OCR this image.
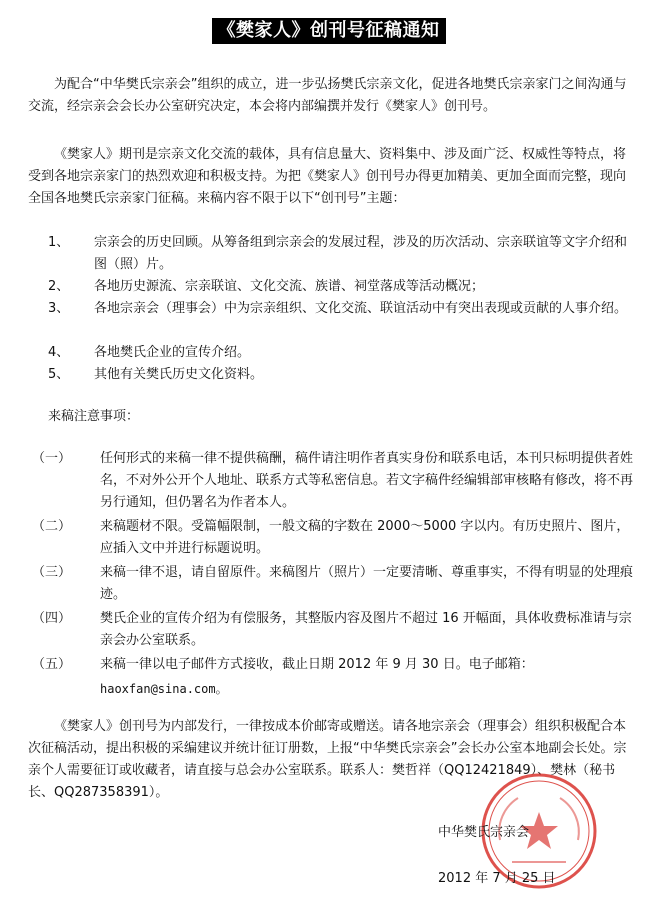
《樊家人》创刊号征稿通知

为配合“中华樊氏宗亲会”组织的成立，进一步弘扬樊氏宗亲文化，促进各地樊氏宗亲家门之间沟通与交流，经宗亲会会长办公室研究决定，本会将内部编撰并发行《樊家人》创刊号。

《樊家人》期刊是宗亲文化交流的载体，具有信息量大、资料集中、涉及面广泛、权威性等特点，将受到各地宗亲家门的热烈欢迎和积极支持。为把《樊家人》创刊号办得更加精美、更加全面而完整，现向全国各地樊氏宗亲家门征稿。来稿内容不限于以下“创刊号”主题：

1、 宗亲会的历史回顾。从筹备组到宗亲会的发展过程，涉及的历次活动、宗亲联谊等文字介绍和图（照）片。
2、 各地历史源流、宗亲联谊、文化交流、族谱、祠堂落成等活动概况；
3、 各地宗亲会（理事会）中为宗亲组织、文化交流、联谊活动中有突出表现或贡献的人事介绍。
4、 各地樊氏企业的宣传介绍。
5、 其他有关樊氏历史文化资料。
来稿注意事项：
（一） 任何形式的来稿一律不提供稿酬，稿件请注明作者真实身份和联系电话，本刊只标明提供者姓名，不对外公开个人地址、联系方式等私密信息。若文字稿件经编辑部审核略有修改，将不再另行通知，但仍署名为作者本人。
（二） 来稿题材不限。受篇幅限制，一般文稿的字数在 2000～5000 字以内。有历史照片、图片，应插入文中并进行标题说明。
（三） 来稿一律不退，请自留原件。来稿图片（照片）一定要清晰、尊重事实，不得有明显的处理痕迹。
（四） 樊氏企业的宣传介绍为有偿服务，其整版内容及图片不超过 16 开幅面，具体收费标准请与宗亲会办公室联系。
（五） 来稿一律以电子邮件方式接收，截止日期 2012 年 9 月 30 日。电子邮箱：
haoxfan@sina.com。

《樊家人》创刊号为内部发行，一律按成本价邮寄或赠送。请各地宗亲会（理事会）组织积极配合本次征稿活动，提出积极的采编建议并统计征订册数，上报“中华樊氏宗亲会”会长办公室本地副会长处。宗亲个人需要征订或收藏者，请直接与总会办公室联系。联系人：樊哲祥（QQ12421849）、樊林（秘书长、QQ287358391）。

中华樊氏宗亲会
2012 年 7 月 25 日
